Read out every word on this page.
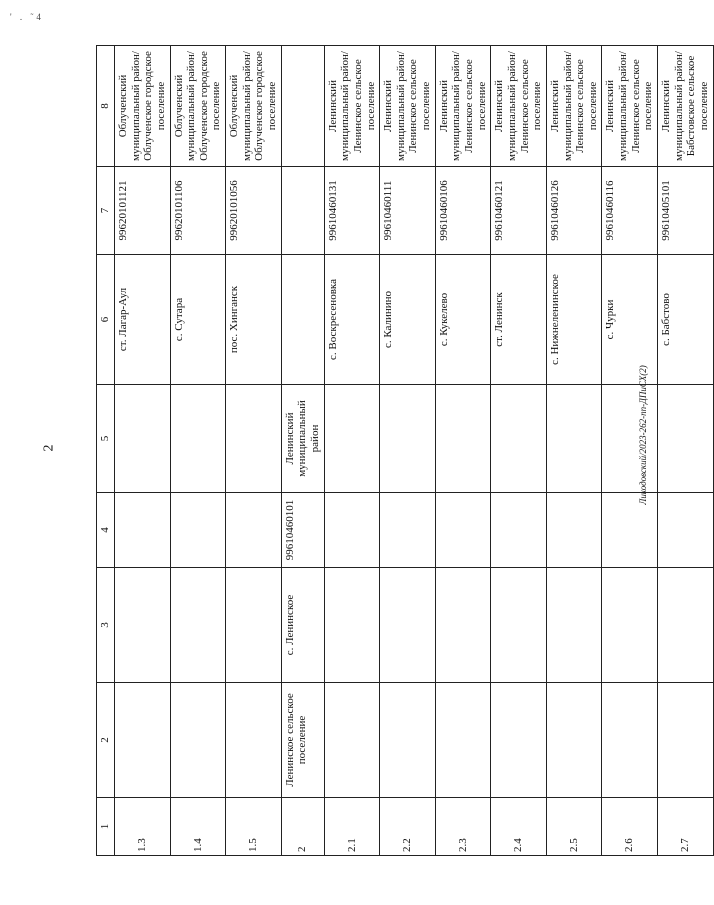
' . ˜4
2
1	2	3	4	5	6	7	8
1.3					ст. Лагар-Аул	99620101121	Облученский муниципальный район/ Облученское городское поселение
1.4					с. Сутара	99620101106	Облученский муниципальный район/ Облученское городское поселение
1.5					пос. Хинганск	99620101056	Облученский муниципальный район/ Облученское городское поселение
2	Ленинское сельское поселение	с. Ленинское	99610460101	Ленинский муниципальный район			
2.1					с. Воскресеновка	99610460131	Ленинский муниципальный район/ Ленинское сельское поселение
2.2					с. Калинино	99610460111	Ленинский муниципальный район/ Ленинское сельское поселение
2.3					с. Кукелево	99610460106	Ленинский муниципальный район/ Ленинское сельское поселение
2.4					ст. Ленинск	99610460121	Ленинский муниципальный район/ Ленинское сельское поселение
2.5					с. Нижнеленинское	99610460126	Ленинский муниципальный район/ Ленинское сельское поселение
2.6					с. Чурки	99610460116	Ленинский муниципальный район/ Ленинское сельское поселение
2.7					с. Бабстово	99610405101	Ленинский муниципальный район/ Бабстовское сельское поселение
Ликодовский/2023-262-пп-ДПиСХ(2)
